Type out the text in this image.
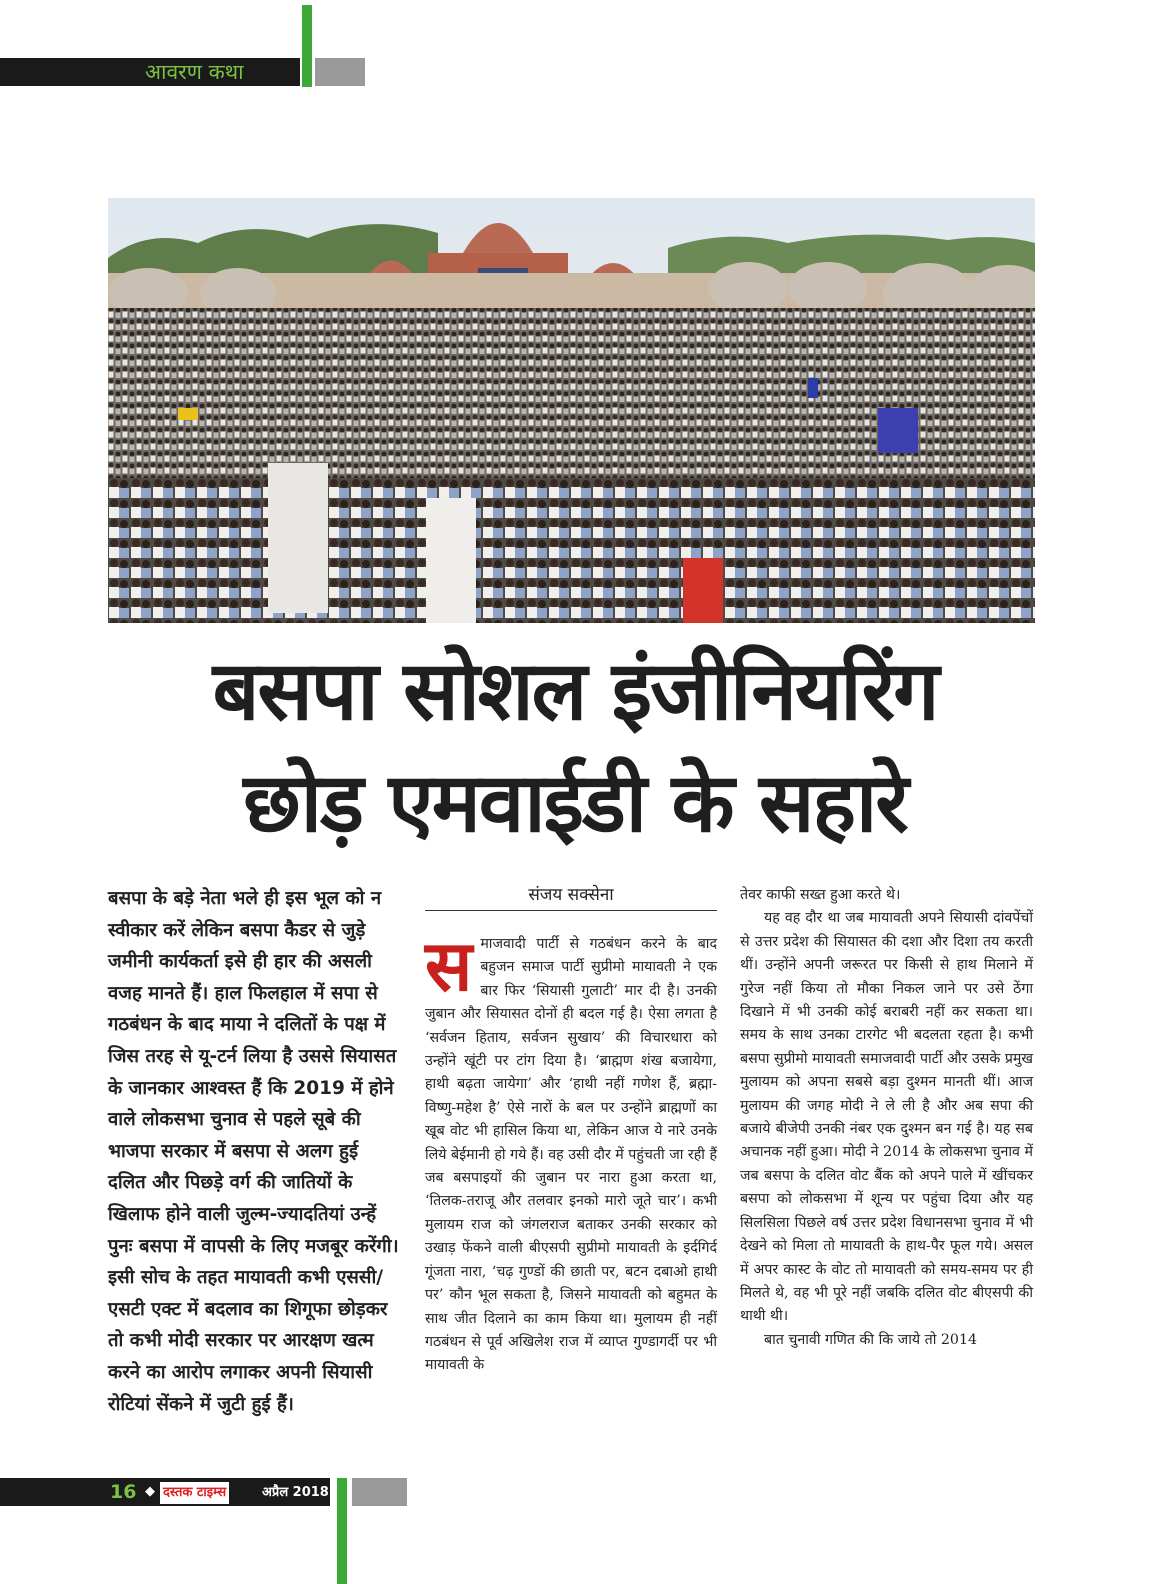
आवरण कथा
बसपा सोशल इंजीनियरिंग
छोड़ एमवाईडी के सहारे

बसपा के बड़े नेता भले ही इस भूल को न स्वीकार करें लेकिन बसपा कैडर से जुड़े जमीनी कार्यकर्ता इसे ही हार की असली वजह मानते हैं। हाल फिलहाल में सपा से गठबंधन के बाद माया ने दलितों के पक्ष में जिस तरह से यू-टर्न लिया है उससे सियासत के जानकार आश्वस्त हैं कि 2019 में होने वाले लोकसभा चुनाव से पहले सूबे की भाजपा सरकार में बसपा से अलग हुई दलित और पिछड़े वर्ग की जातियों के खिलाफ होने वाली जुल्म-ज्यादतियां उन्हें पुनः बसपा में वापसी के लिए मजबूर करेंगी। इसी सोच के तहत मायावती कभी एससी/एसटी एक्ट में बदलाव का शिगूफा छोड़कर तो कभी मोदी सरकार पर आरक्षण खत्म करने का आरोप लगाकर अपनी सियासी रोटियां सेंकने में जुटी हुई हैं।

संजय सक्सेना
स माजवादी पार्टी से गठबंधन करने के बाद बहुजन समाज पार्टी सुप्रीमो मायावती ने एक बार फिर ‘सियासी गुलाटी’ मार दी है। उनकी जुबान और सियासत दोनों ही बदल गई है। ऐसा लगता है ‘सर्वजन हिताय, सर्वजन सुखाय’ की विचारधारा को उन्होंने खूंटी पर टांग दिया है। ‘ब्राह्मण शंख बजायेगा, हाथी बढ़ता जायेगा’ और ‘हाथी नहीं गणेश हैं, ब्रह्मा-विष्णु-महेश है’ ऐसे नारों के बल पर उन्होंने ब्राह्मणों का खूब वोट भी हासिल किया था, लेकिन आज ये नारे उनके लिये बेईमानी हो गये हैं। वह उसी दौर में पहुंचती जा रही हैं जब बसपाइयों की जुबान पर नारा हुआ करता था, ‘तिलक-तराजू और तलवार इनको मारो जूते चार’। कभी मुलायम राज को जंगलराज बताकर उनकी सरकार को उखाड़ फेंकने वाली बीएसपी सुप्रीमो मायावती के इर्दगिर्द गूंजता नारा, ‘चढ़ गुण्डों की छाती पर, बटन दबाओ हाथी पर’ कौन भूल सकता है, जिसने मायावती को बहुमत के साथ जीत दिलाने का काम किया था। मुलायम ही नहीं गठबंधन से पूर्व अखिलेश राज में व्याप्त गुण्डागर्दी पर भी मायावती के

तेवर काफी सख्त हुआ करते थे।

यह वह दौर था जब मायावती अपने सियासी दांवपेंचों से उत्तर प्रदेश की सियासत की दशा और दिशा तय करती थीं। उन्होंने अपनी जरूरत पर किसी से हाथ मिलाने में गुरेज नहीं किया तो मौका निकल जाने पर उसे ठेंगा दिखाने में भी उनकी कोई बराबरी नहीं कर सकता था। समय के साथ उनका टारगेट भी बदलता रहता है। कभी बसपा सुप्रीमो मायावती समाजवादी पार्टी और उसके प्रमुख मुलायम को अपना सबसे बड़ा दुश्मन मानती थीं। आज मुलायम की जगह मोदी ने ले ली है और अब सपा की बजाये बीजेपी उनकी नंबर एक दुश्मन बन गई है। यह सब अचानक नहीं हुआ। मोदी ने 2014 के लोकसभा चुनाव में जब बसपा के दलित वोट बैंक को अपने पाले में खींचकर बसपा को लोकसभा में शून्य पर पहुंचा दिया और यह सिलसिला पिछले वर्ष उत्तर प्रदेश विधानसभा चुनाव में भी देखने को मिला तो मायावती के हाथ-पैर फूल गये। असल में अपर कास्ट के वोट तो मायावती को समय-समय पर ही मिलते थे, वह भी पूरे नहीं जबकि दलित वोट बीएसपी की थाथी थी।

बात चुनावी गणित की कि जाये तो 2014

16 ◆ दस्तक टाइम्स	अप्रैल 2018
